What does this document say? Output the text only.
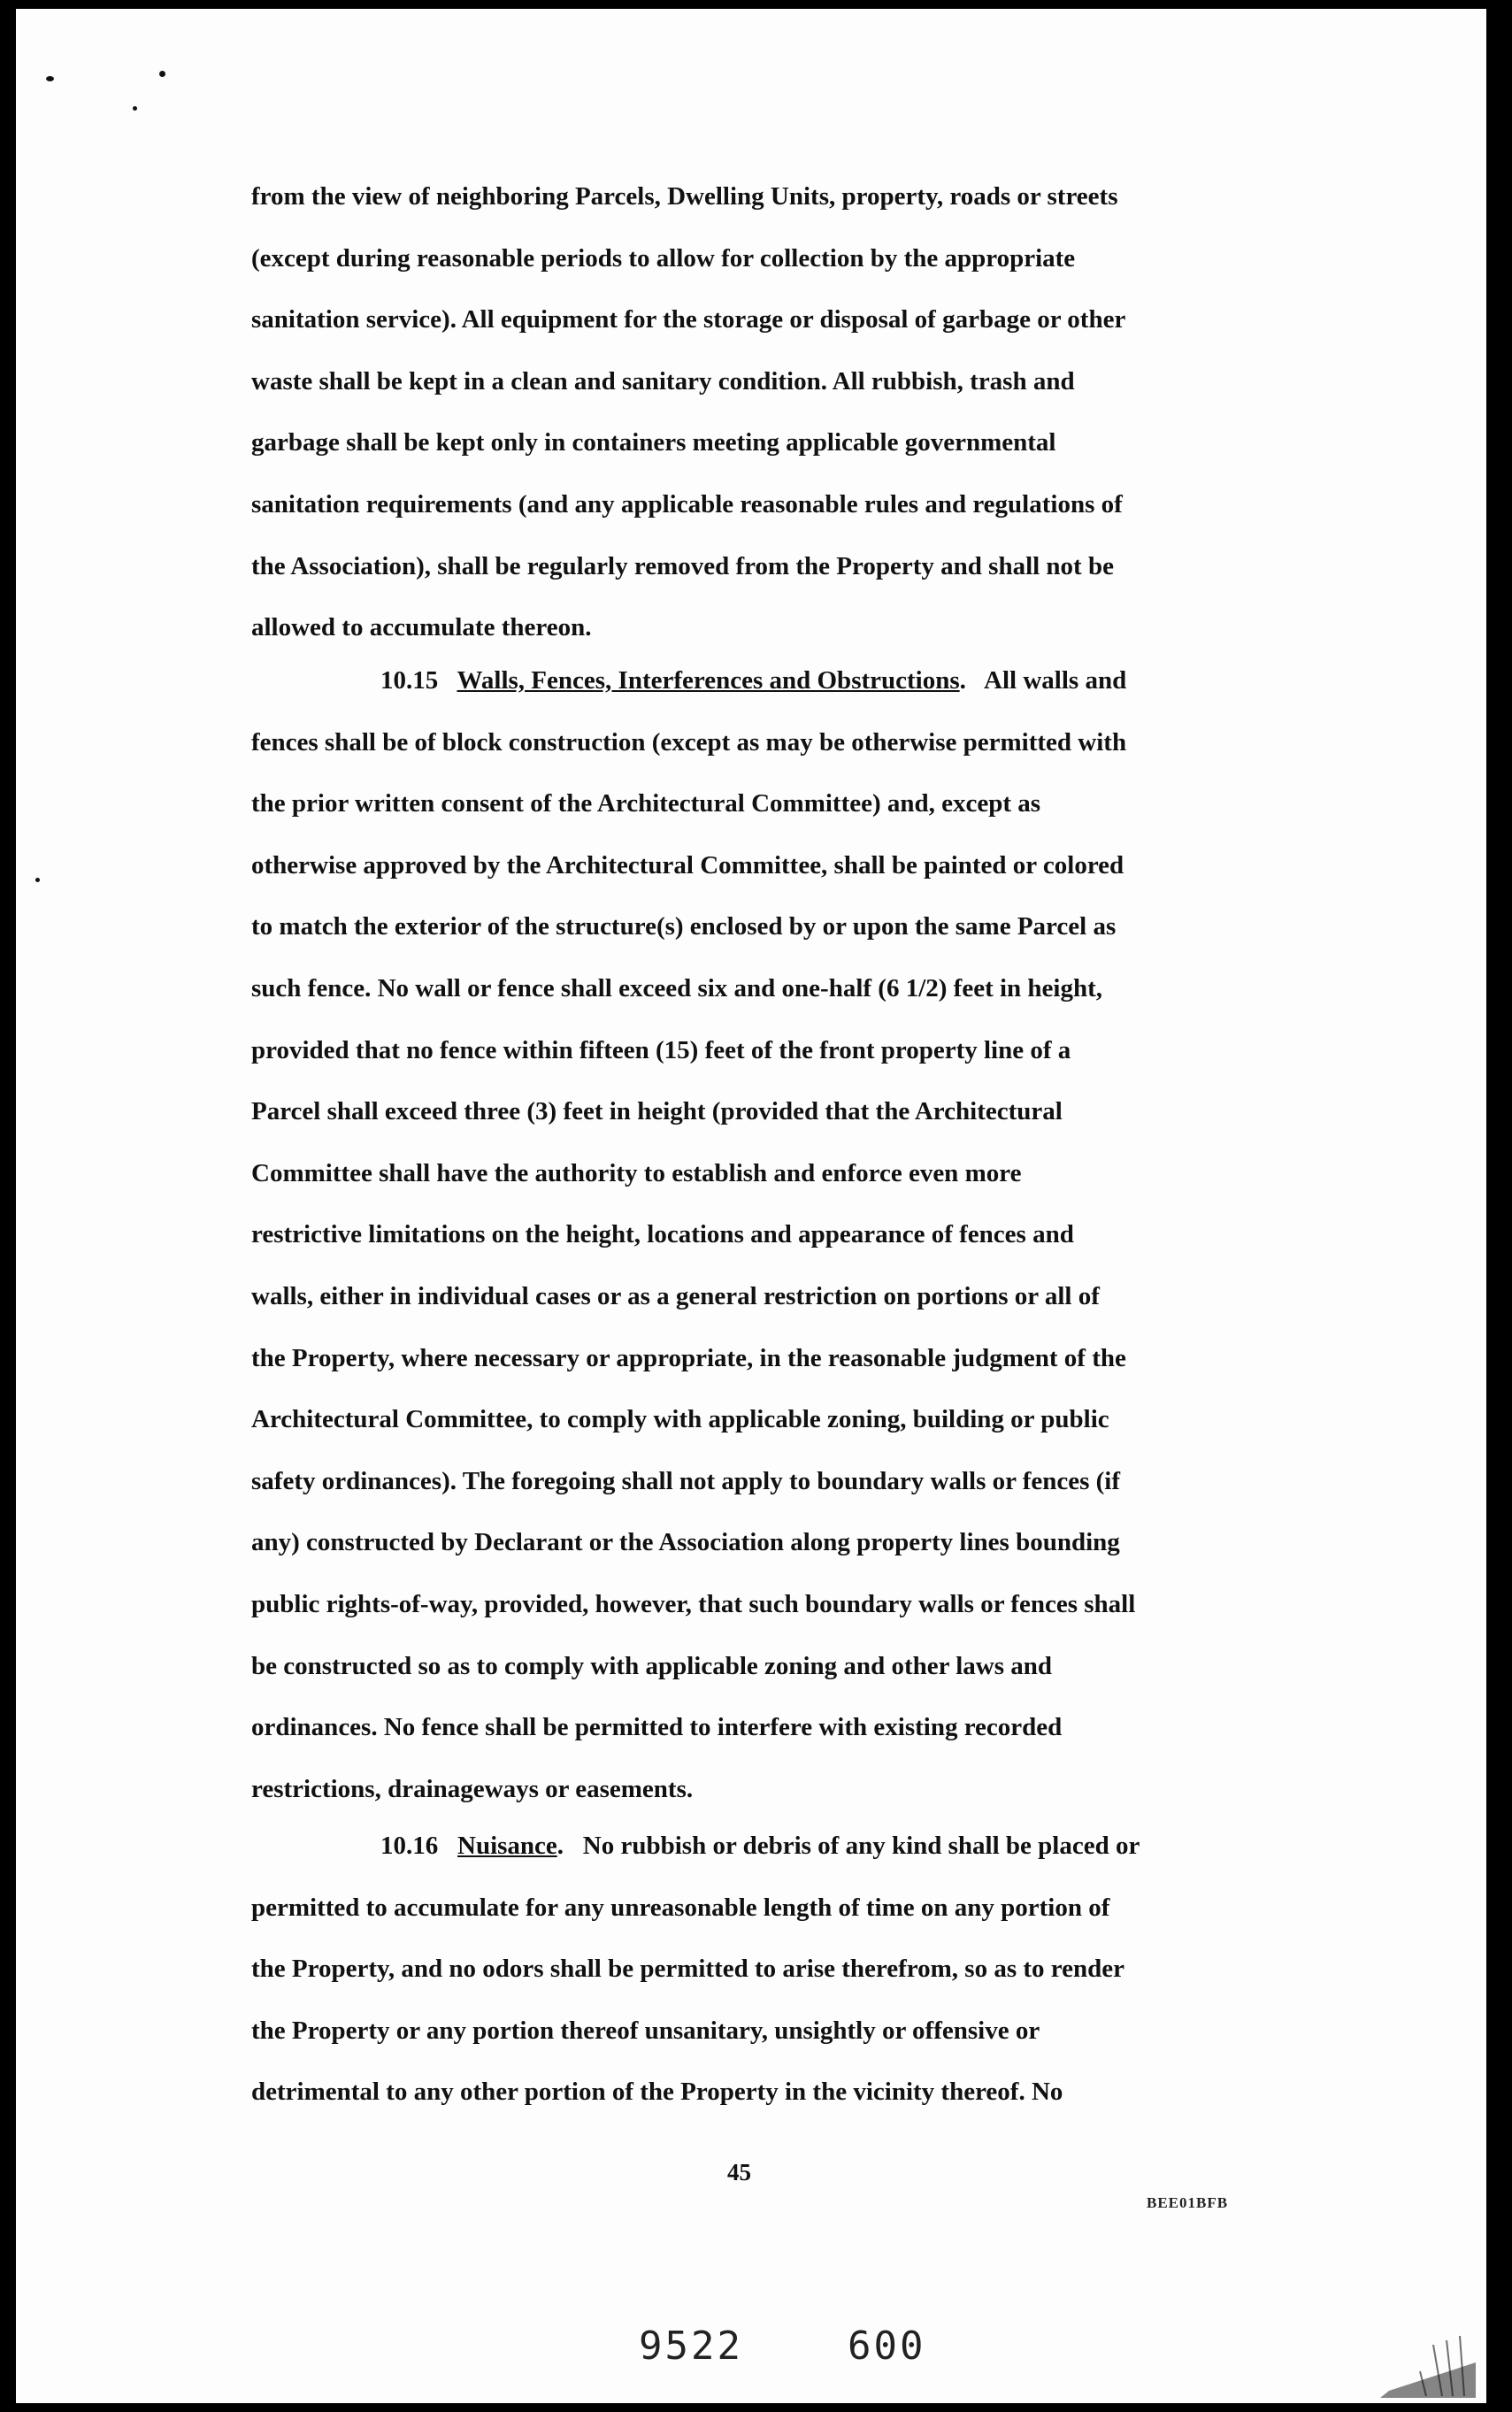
from the view of neighboring Parcels, Dwelling Units, property, roads or streets
(except during reasonable periods to allow for collection by the appropriate
sanitation service). All equipment for the storage or disposal of garbage or other
waste shall be kept in a clean and sanitary condition. All rubbish, trash and
garbage shall be kept only in containers meeting applicable governmental
sanitation requirements (and any applicable reasonable rules and regulations of
the Association), shall be regularly removed from the Property and shall not be
allowed to accumulate thereon.
10.15 Walls, Fences, Interferences and Obstructions. All walls and
fences shall be of block construction (except as may be otherwise permitted with
the prior written consent of the Architectural Committee) and, except as
otherwise approved by the Architectural Committee, shall be painted or colored
to match the exterior of the structure(s) enclosed by or upon the same Parcel as
such fence. No wall or fence shall exceed six and one-half (6 1/2) feet in height,
provided that no fence within fifteen (15) feet of the front property line of a
Parcel shall exceed three (3) feet in height (provided that the Architectural
Committee shall have the authority to establish and enforce even more
restrictive limitations on the height, locations and appearance of fences and
walls, either in individual cases or as a general restriction on portions or all of
the Property, where necessary or appropriate, in the reasonable judgment of the
Architectural Committee, to comply with applicable zoning, building or public
safety ordinances). The foregoing shall not apply to boundary walls or fences (if
any) constructed by Declarant or the Association along property lines bounding
public rights-of-way, provided, however, that such boundary walls or fences shall
be constructed so as to comply with applicable zoning and other laws and
ordinances. No fence shall be permitted to interfere with existing recorded
restrictions, drainageways or easements.
10.16 Nuisance. No rubbish or debris of any kind shall be placed or
permitted to accumulate for any unreasonable length of time on any portion of
the Property, and no odors shall be permitted to arise therefrom, so as to render
the Property or any portion thereof unsanitary, unsightly or offensive or
detrimental to any other portion of the Property in the vicinity thereof. No
45
BEE01BFB
9522	600
